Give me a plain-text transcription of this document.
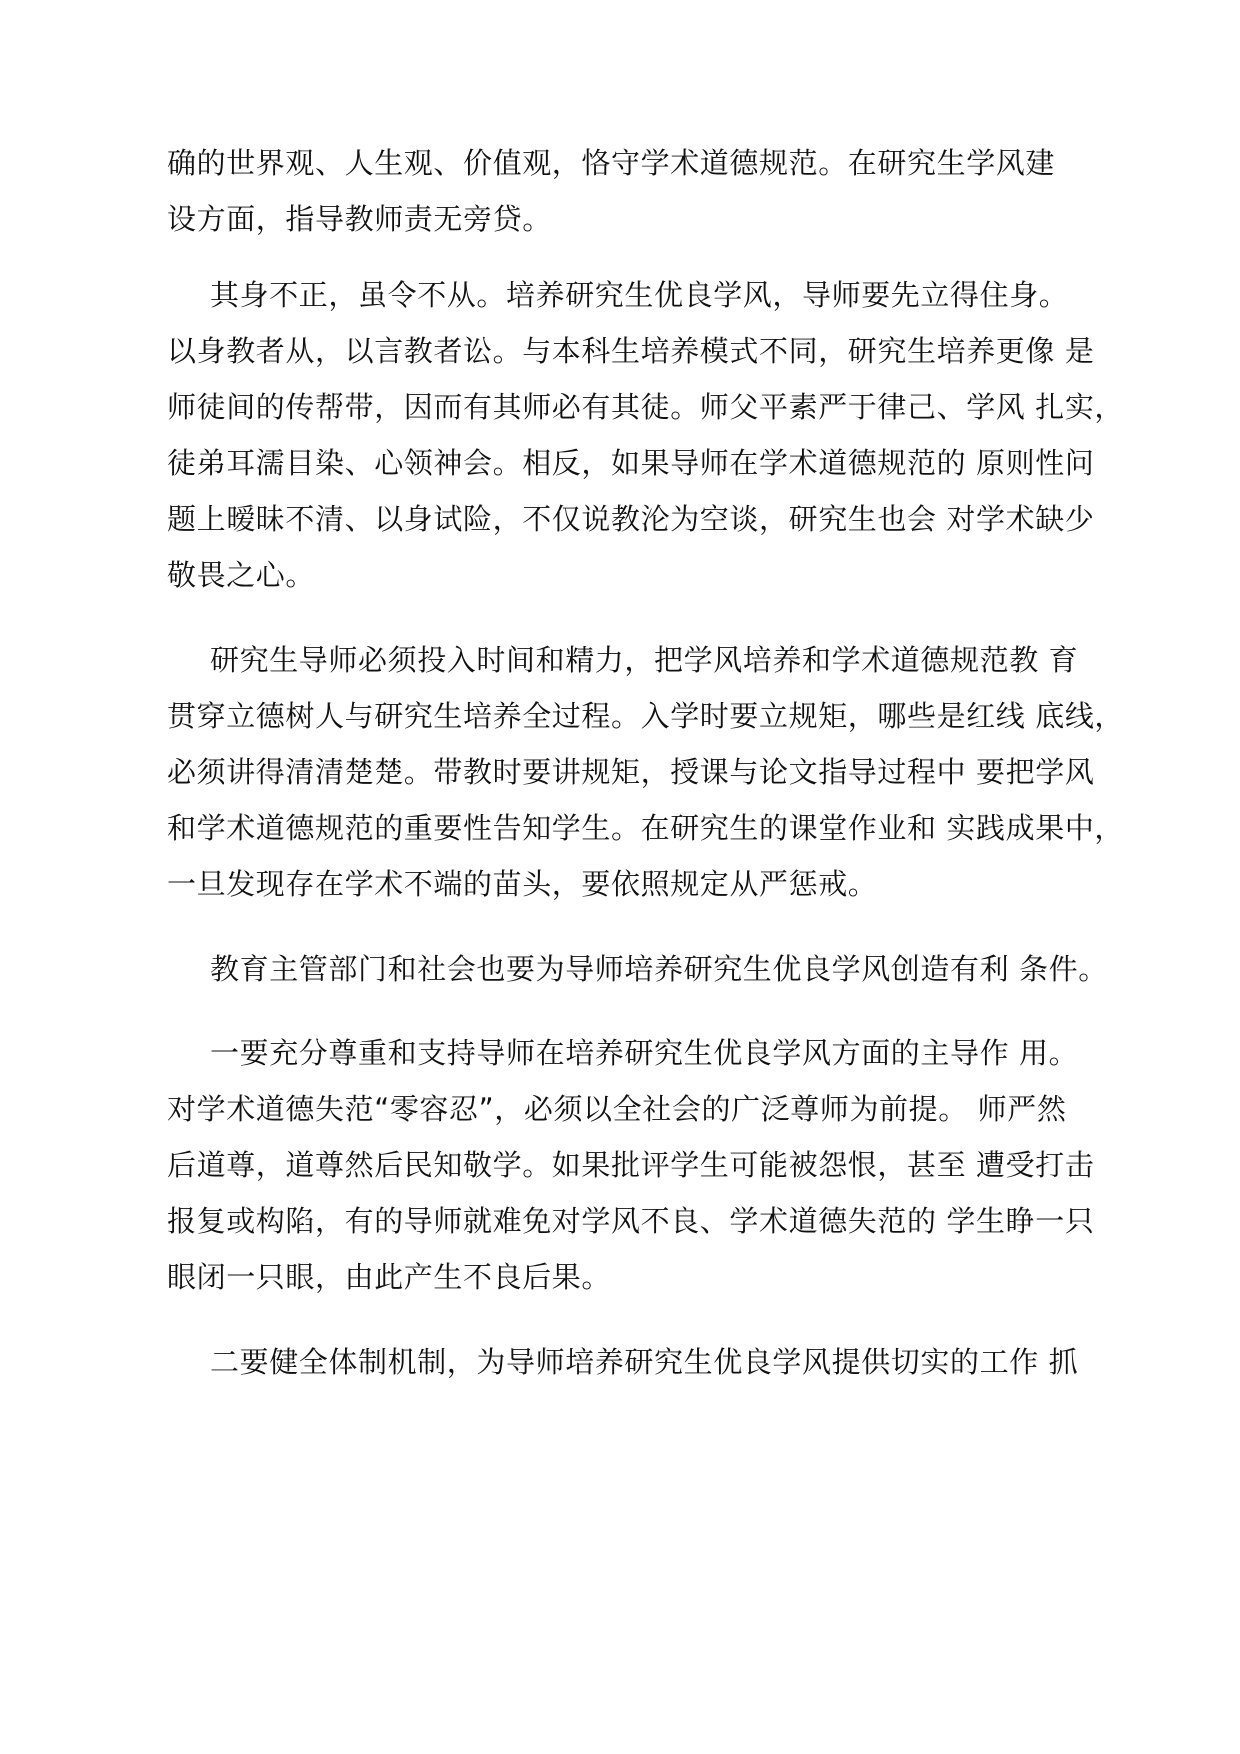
确的世界观、人生观、价值观，恪守学术道德规范。在研究生学风建
设方面，指导教师责无旁贷。
其身不正，虽令不从。培养研究生优良学风，导师要先立得住身。
以身教者从，以言教者讼。与本科生培养模式不同，研究生培养更像 是
师徒间的传帮带，因而有其师必有其徒。师父平素严于律己、学风 扎实，
徒弟耳濡目染、心领神会。相反，如果导师在学术道德规范的 原则性问
题上暧昧不清、以身试险，不仅说教沦为空谈，研究生也会 对学术缺少
敬畏之心。
研究生导师必须投入时间和精力，把学风培养和学术道德规范教 育
贯穿立德树人与研究生培养全过程。入学时要立规矩，哪些是红线 底线，
必须讲得清清楚楚。带教时要讲规矩，授课与论文指导过程中 要把学风
和学术道德规范的重要性告知学生。在研究生的课堂作业和 实践成果中，
一旦发现存在学术不端的苗头，要依照规定从严惩戒。
教育主管部门和社会也要为导师培养研究生优良学风创造有利 条件。
一要充分尊重和支持导师在培养研究生优良学风方面的主导作 用。
对学术道德失范“零容忍”，必须以全社会的广泛尊师为前提。 师严然
后道尊，道尊然后民知敬学。如果批评学生可能被怨恨，甚至 遭受打击
报复或构陷，有的导师就难免对学风不良、学术道德失范的 学生睁一只
眼闭一只眼，由此产生不良后果。
二要健全体制机制，为导师培养研究生优良学风提供切实的工作 抓
